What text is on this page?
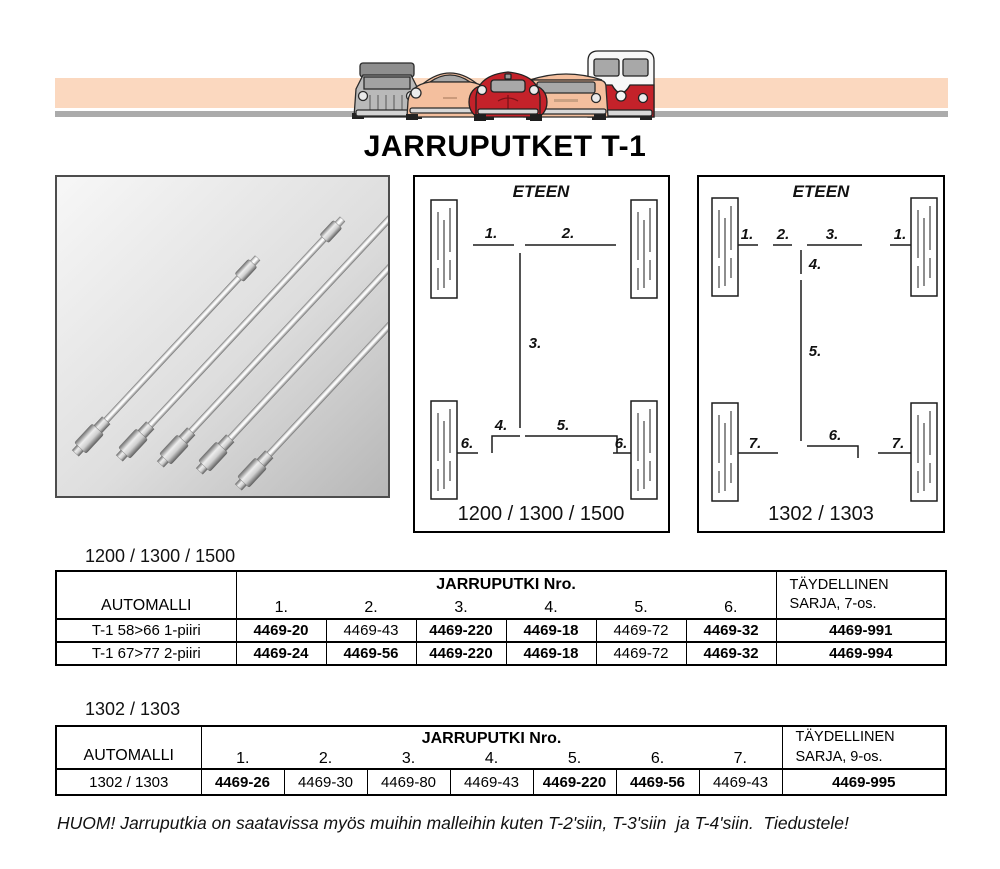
JARRUPUTKET T-1
ETEEN
1.	2.
3.
4.	5.
6.	6.
1200 / 1300 / 1500
ETEEN
1. 2. 3.	1.
4.
5.
6.
7.	7.
1302 / 1303
1200 / 1300 / 1500
AUTOMALLI	JARRUPUTKI Nro.						TÄYDELLINEN
SARJA, 7-os.
	1.	2.	3.	4.	5.	6.	
T-1 58>66 1-piiri	4469-20	4469-43	4469-220	4469-18	4469-72	4469-32	4469-991
T-1 67>77 2-piiri	4469-24	4469-56	4469-220	4469-18	4469-72	4469-32	4469-994
1302 / 1303
AUTOMALLI	JARRUPUTKI Nro.							TÄYDELLINEN
SARJA, 9-os.
	1.	2.	3.	4.	5.	6.	7.	
1302 / 1303	4469-26	4469-30	4469-80	4469-43	4469-220	4469-56	4469-43	4469-995
HUOM! Jarruputkia on saatavissa myös muihin malleihin kuten T-2'siin, T-3'siin  ja T-4'siin.  Tiedustele!
